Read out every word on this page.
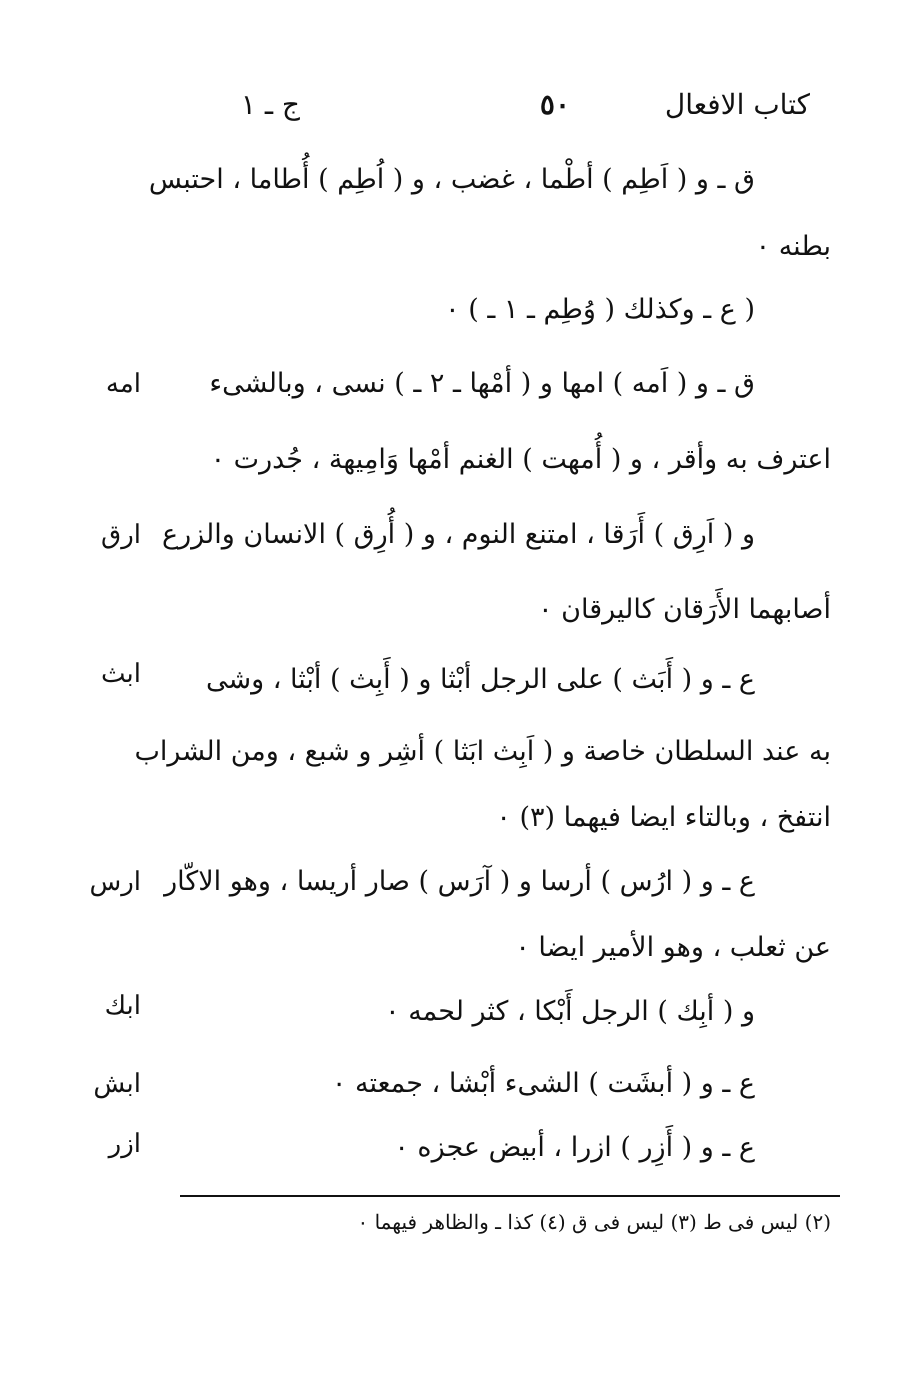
كتاب الافعال
٥٠
ج ـ ١
ق ـ و ( اَطِم ) أطْما ، غضب ، و ( اُطِم ) أُطاما ، احتبس
بطنه ٠
( ع ـ وكذلك ( وُطِم ـ ١ ـ ) ٠
ق ـ و ( اَمه ) امها و ( أمْها ـ ٢ ـ ) نسى ، وبالشىء
اعترف به وأقر ، و ( أُمهت ) الغنم أمْها وَامِيهة ، جُدرت ٠
و ( اَرِق ) أَرَقا ، امتنع النوم ، و ( أُرِق ) الانسان والزرع
أصابهما الأَرَقان كاليرقان ٠
ع ـ و ( أَبَث ) على الرجل أبْثا و ( أَبِث ) أبْثا ، وشى
به عند السلطان خاصة و ( اَبِث ابَثا ) أشِر و شبع ، ومن الشراب
انتفخ ، وبالتاء ايضا فيهما (٣) ٠
ع ـ و ( ارُس ) أرسا و ( آرَس ) صار أريسا ، وهو الاكّار
عن ثعلب ، وهو الأمير ايضا ٠
و ( أبِك ) الرجل أَبْكا ، كثر لحمه ٠
ع ـ و ( أبشَت ) الشىء أبْشا ، جمعته ٠
ع ـ و ( أَزِر ) ازرا ، أبيض عجزه ٠
امه
ارق
ابث
ارس
ابك
ابش
ازر
(٢) ليس فى ط (٣) ليس فى ق (٤) كذا ـ والظاهر فيهما ٠
